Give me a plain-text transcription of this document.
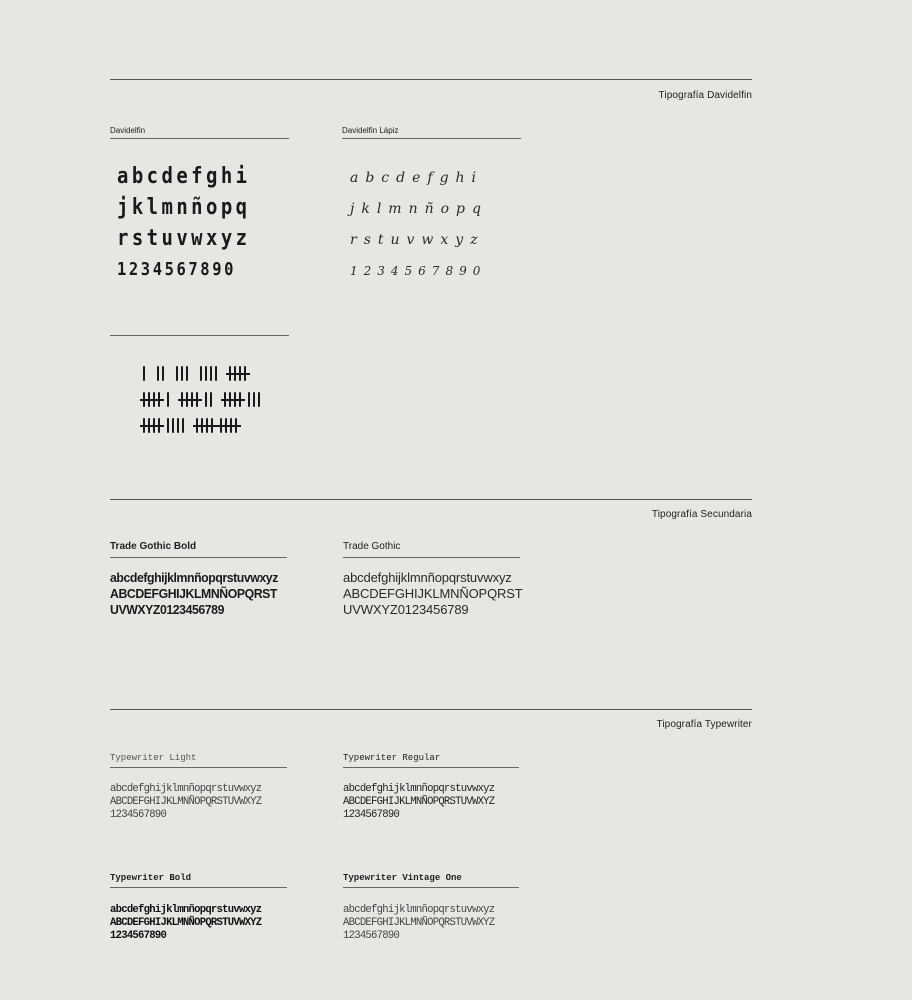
Tipografía Davidelfin
Davidelfin
abcdefghi
jklmnñopq
rstuvwxyz
1234567890
Davidelfin Lápiz
abcdefghi
jklmnñopq
rstuvwxyz
1234567890
Tipografía Secundaria
Trade Gothic Bold
abcdefghijklmnñopqrstuvwxyz
ABCDEFGHIJKLMNÑOPQRST
UVWXYZ0123456789
Trade Gothic
abcdefghijklmnñopqrstuvwxyz
ABCDEFGHIJKLMNÑOPQRST
UVWXYZ0123456789
Tipografía Typewriter
Typewriter Light
abcdefghijklmnñopqrstuvwxyz
ABCDEFGHIJKLMNÑOPQRSTUVWXYZ
1234567890
Typewriter Regular
abcdefghijklmnñopqrstuvwxyz
ABCDEFGHIJKLMNÑOPQRSTUVWXYZ
1234567890
Typewriter Bold
abcdefghijklmnñopqrstuvwxyz
ABCDEFGHIJKLMNÑOPQRSTUVWXYZ
1234567890
Typewriter Vintage One
abcdefghijklmnñopqrstuvwxyz
ABCDEFGHIJKLMNÑOPQRSTUVWXYZ
1234567890
